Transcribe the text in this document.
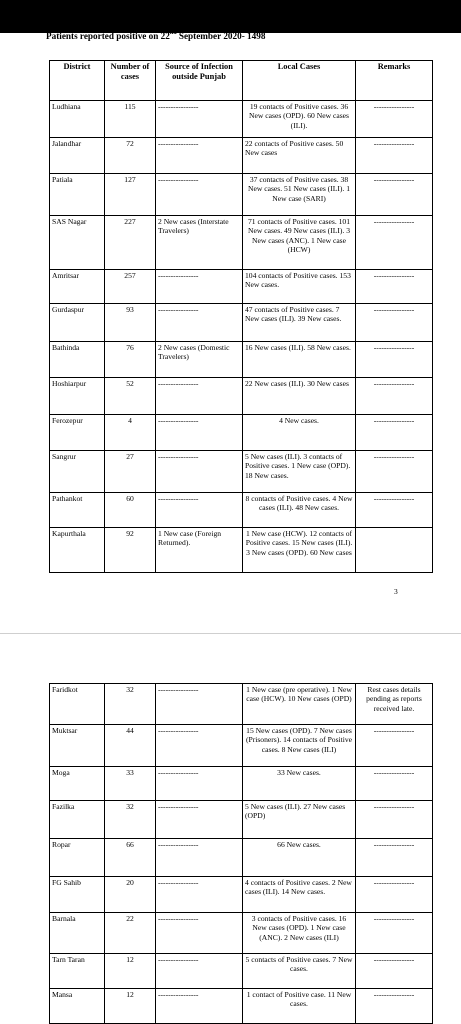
Patients reported positive on 22nd September 2020- 1498
District	Number of cases	Source of Infection outside Punjab	Local Cases	Remarks
Ludhiana	115	----------------	19 contacts of Positive cases. 36 New cases (OPD). 60 New cases (ILI).	----------------
Jalandhar	72	----------------	22 contacts of Positive cases. 50 New cases	----------------
Patiala	127	----------------	37 contacts of Positive cases. 38 New cases. 51 New cases (ILI). 1 New case (SARI)	----------------
SAS Nagar	227	2 New cases (Interstate Travelers)	71 contacts of Positive cases. 101 New cases. 49 New cases (ILI). 3 New cases (ANC). 1 New case (HCW)	----------------
Amritsar	257	----------------	104 contacts of Positive cases. 153 New cases.	----------------
Gurdaspur	93	----------------	47 contacts of Positive cases. 7 New cases (ILI). 39 New cases.	----------------
Bathinda	76	2 New cases (Domestic Travelers)	16 New cases (ILI). 58 New cases.	----------------
Hoshiarpur	52	----------------	22 New cases (ILI). 30 New cases	----------------
Ferozepur	4	----------------	4 New cases.	----------------
Sangrur	27	----------------	5 New cases (ILI). 3 contacts of Positive cases. 1 New case (OPD). 18 New cases.	----------------
Pathankot	60	----------------	8 contacts of Positive cases. 4 New cases (ILI). 48 New cases.	----------------
Kapurthala	92	1 New case (Foreign Returned).	1 New case (HCW). 12 contacts of Positive cases. 15 New cases (ILI). 3 New cases (OPD). 60 New cases	
3
Faridkot	32	----------------	1 New case (pre operative). 1 New case (HCW). 10 New cases (OPD)	Rest cases details pending as reports received late.
Muktsar	44	----------------	15 New cases (OPD). 7 New cases (Prisoners). 14 contacts of Positive cases. 8 New cases (ILI)	----------------
Moga	33	----------------	33 New cases.	----------------
Fazilka	32	----------------	5 New cases (ILI). 27 New cases (OPD)	----------------
Ropar	66	----------------	66 New cases.	----------------
FG Sahib	20	----------------	4 contacts of Positive cases. 2 New cases (ILI). 14 New cases.	----------------
Barnala	22	----------------	3 contacts of Positive cases. 16 New cases (OPD). 1 New case (ANC). 2 New cases (ILI)	----------------
Tarn Taran	12	----------------	5 contacts of Positive cases. 7 New cases.	----------------
Mansa	12	----------------	1 contact of Positive case. 11 New cases.	----------------
